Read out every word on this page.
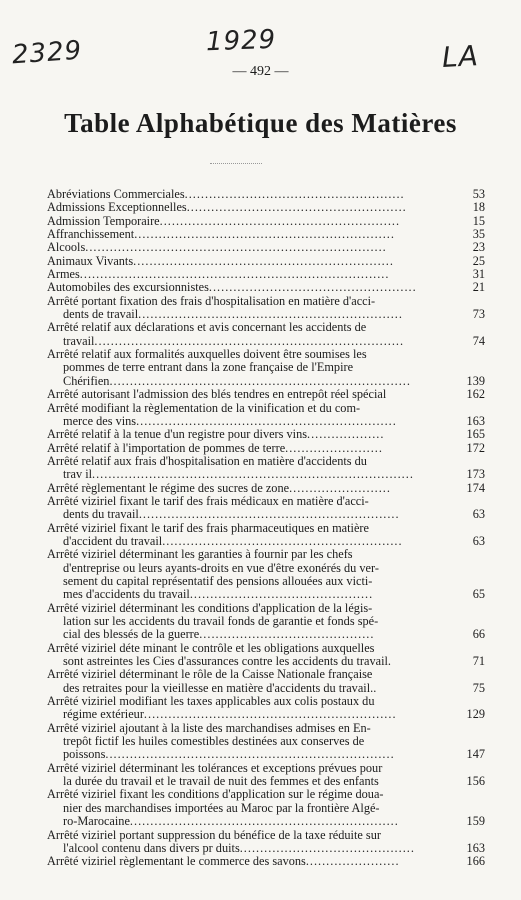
2329	1929	LA
— 492 —
Table Alphabétique des Matières
Abréviations Commerciales......................................................	53
Admissions Exceptionnelles......................................................	18
Admission Temporaire...........................................................	15
Affranchissement................................................................	35
Alcools..........................................................................	23
Animaux Vivants................................................................	25
Armes............................................................................	31
Automobiles des excursionnistes...................................................	21
Arrêté portant fixation des frais d'hospitalisation en matière d'acci-
dents de travail.................................................................	73
Arrêté relatif aux déclarations et avis concernant les accidents de
travail............................................................................	74
Arrêté relatif aux formalités auxquelles doivent être soumises les
pommes de terre entrant dans la zone française de l'Empire
Chérifien..........................................................................	139
Arrêté autorisant l'admission des blés tendres en entrepôt réel spécial	162
Arrêté modifiant la règlementation de la vinification et du com-
merce des vins................................................................	163
Arrêté relatif à la tenue d'un registre pour divers vins...................	165
Arrêté relatif à l'importation de pommes de terre........................	172
Arrêté relatif aux frais d'hospitalisation en matière d'accidents du
trav il...............................................................................	173
Arrêté règlementant le régime des sucres de zone.........................	174
Arrêté viziriel fixant le tarif des frais médicaux en matière d'acci-
dents du travail................................................................	63
Arrêté viziriel fixant le tarif des frais pharmaceutiques en matière
d'accident du travail...........................................................	63
Arrêté viziriel déterminant les garanties à fournir par les chefs
d'entreprise ou leurs ayants-droits en vue d'être exonérés du ver-
sement du capital représentatif des pensions allouées aux victi-
mes d'accidents du travail.............................................	65
Arrêté viziriel déterminant les conditions d'application de la légis-
lation sur les accidents du travail fonds de garantie et fonds spé-
cial des blessés de la guerre...........................................	66
Arrêté viziriel déte minant le contrôle et les obligations auxquelles
sont astreintes les Cies d'assurances contre les accidents du travail.	71
Arrêté viziriel déterminant le rôle de la Caisse Nationale française
des retraites pour la vieillesse en matière d'accidents du travail..	75
Arrêté viziriel modifiant les taxes applicables aux colis postaux du
régime extérieur..............................................................	129
Arrêté viziriel ajoutant à la liste des marchandises admises en En-
trepôt fictif les huiles comestibles destinées aux conserves de
poissons.......................................................................	147
Arrêté viziriel déterminant les tolérances et exceptions prévues pour
la durée du travail et le travail de nuit des femmes et des enfants	156
Arrêté viziriel fixant les conditions d'application sur le régime doua-
nier des marchandises importées au Maroc par la frontière Algé-
ro-Marocaine..................................................................	159
Arrêté viziriel portant suppression du bénéfice de la taxe réduite sur
l'alcool contenu dans divers pr duits...........................................	163
Arrêté viziriel règlementant le commerce des savons.......................	166
